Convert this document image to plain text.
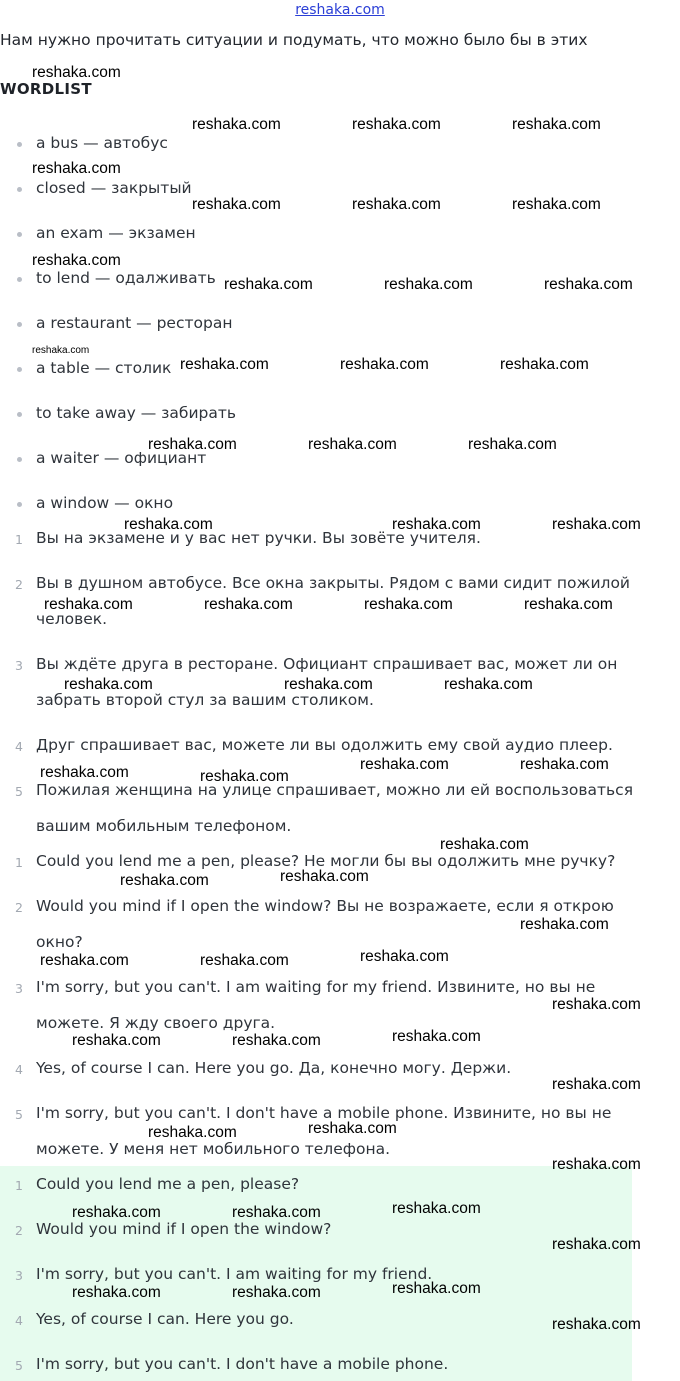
reshaka.com
Нам нужно прочитать ситуации и подумать, что можно было бы в этих
WORDLIST
a bus — автобус
closed — закрытый
an exam — экзамен
to lend — одалживать
a restaurant — ресторан
a table — столик
to take away — забирать
a waiter — официант
a window — окно
1 Вы на экзамене и у вас нет ручки. Вы зовёте учителя.
2 Вы в душном автобусе. Все окна закрыты. Рядом с вами сидит пожилой
человек.
3 Вы ждёте друга в ресторане. Официант спрашивает вас, может ли он
забрать второй стул за вашим столиком.
4 Друг спрашивает вас, можете ли вы одолжить ему свой аудио плеер.
5 Пожилая женщина на улице спрашивает, можно ли ей воспользоваться
вашим мобильным телефоном.
1 Could you lend me a pen, please? Не могли бы вы одолжить мне ручку?
2 Would you mind if I open the window? Вы не возражаете, если я открою
окно?
3 I'm sorry, but you can't. I am waiting for my friend. Извините, но вы не
можете. Я жду своего друга.
4 Yes, of course I can. Here you go. Да, конечно могу. Держи.
5 I'm sorry, but you can't. I don't have a mobile phone. Извините, но вы не
можете. У меня нет мобильного телефона.
1 Could you lend me a pen, please?
2 Would you mind if I open the window?
3 I'm sorry, but you can't. I am waiting for my friend.
4 Yes, of course I can. Here you go.
5 I'm sorry, but you can't. I don't have a mobile phone.
reshaka.com
reshaka.com	reshaka.com	reshaka.com
reshaka.com
reshaka.com	reshaka.com	reshaka.com
reshaka.com
reshaka.com	reshaka.com	reshaka.com
reshaka.com
reshaka.com	reshaka.com	reshaka.com
reshaka.com	reshaka.com	reshaka.com
reshaka.com	reshaka.com	reshaka.com
reshaka.com	reshaka.com	reshaka.com	reshaka.com
reshaka.com	reshaka.com	reshaka.com
reshaka.com	reshaka.com
reshaka.com	reshaka.com
reshaka.com
reshaka.com	reshaka.com
reshaka.com
reshaka.com	reshaka.com	reshaka.com
reshaka.com
reshaka.com	reshaka.com	reshaka.com
reshaka.com
reshaka.com	reshaka.com
reshaka.com
reshaka.com	reshaka.com	reshaka.com
reshaka.com
reshaka.com	reshaka.com	reshaka.com
reshaka.com
